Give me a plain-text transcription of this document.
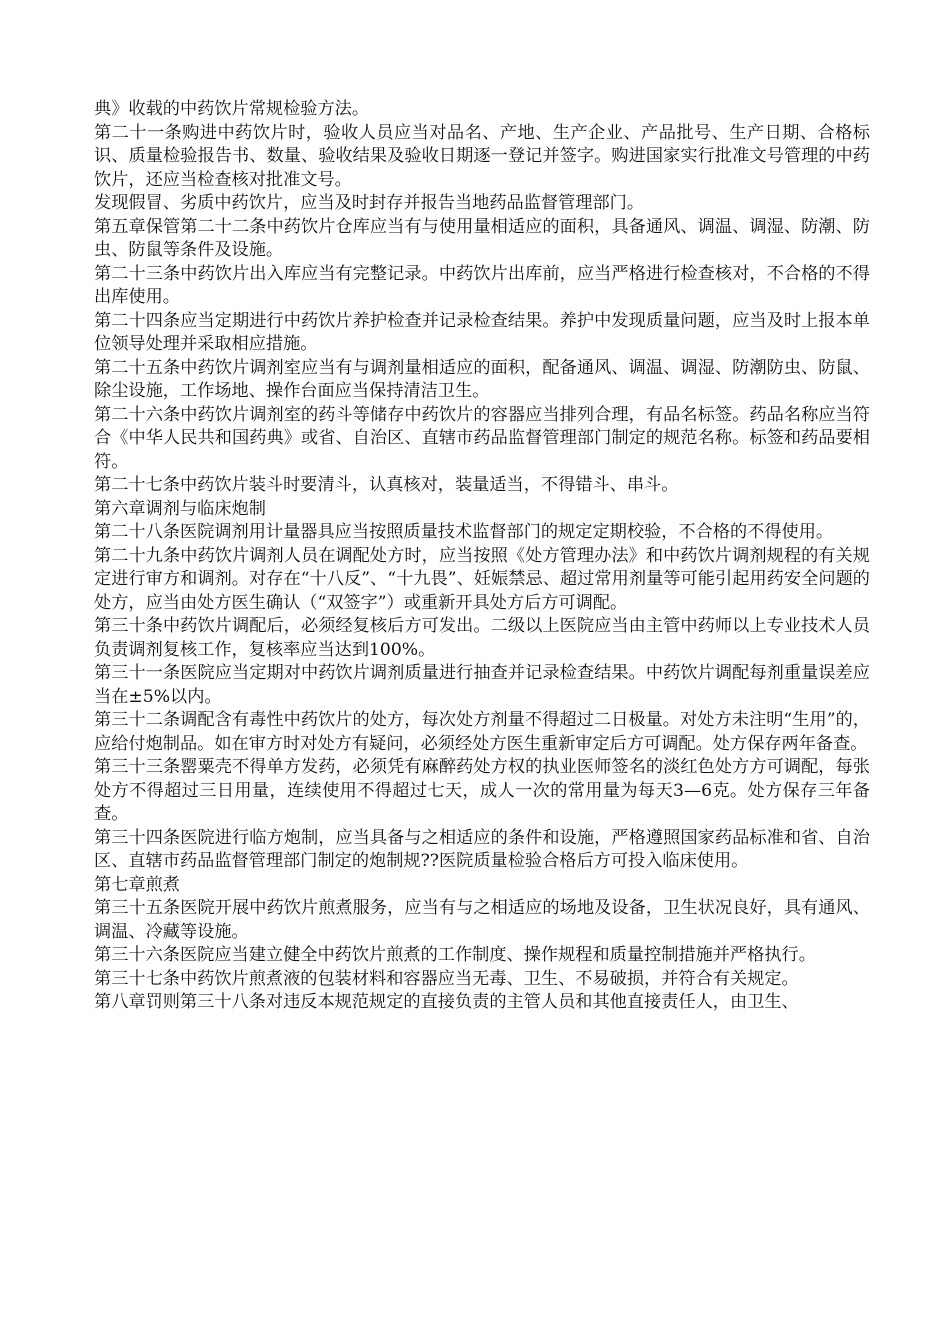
典》收载的中药饮片常规检验方法。

第二十一条购进中药饮片时，验收人员应当对品名、产地、生产企业、产品批号、生产日期、合格标识、质量检验报告书、数量、验收结果及验收日期逐一登记并签字。购进国家实行批准文号管理的中药饮片，还应当检查核对批准文号。

发现假冒、劣质中药饮片，应当及时封存并报告当地药品监督管理部门。

第五章保管第二十二条中药饮片仓库应当有与使用量相适应的面积，具备通风、调温、调湿、防潮、防虫、防鼠等条件及设施。

第二十三条中药饮片出入库应当有完整记录。中药饮片出库前，应当严格进行检查核对，不合格的不得出库使用。

第二十四条应当定期进行中药饮片养护检查并记录检查结果。养护中发现质量问题，应当及时上报本单位领导处理并采取相应措施。

第二十五条中药饮片调剂室应当有与调剂量相适应的面积，配备通风、调温、调湿、防潮防虫、防鼠、除尘设施，工作场地、操作台面应当保持清洁卫生。

第二十六条中药饮片调剂室的药斗等储存中药饮片的容器应当排列合理，有品名标签。药品名称应当符合《中华人民共和国药典》或省、自治区、直辖市药品监督管理部门制定的规范名称。标签和药品要相符。

第二十七条中药饮片装斗时要清斗，认真核对，装量适当，不得错斗、串斗。

第六章调剂与临床炮制

第二十八条医院调剂用计量器具应当按照质量技术监督部门的规定定期校验，不合格的不得使用。

第二十九条中药饮片调剂人员在调配处方时，应当按照《处方管理办法》和中药饮片调剂规程的有关规定进行审方和调剂。对存在“十八反”、“十九畏”、妊娠禁忌、超过常用剂量等可能引起用药安全问题的处方，应当由处方医生确认（“双签字”）或重新开具处方后方可调配。

第三十条中药饮片调配后，必须经复核后方可发出。二级以上医院应当由主管中药师以上专业技术人员负责调剂复核工作，复核率应当达到100%。

第三十一条医院应当定期对中药饮片调剂质量进行抽查并记录检查结果。中药饮片调配每剂重量误差应当在±5%以内。

第三十二条调配含有毒性中药饮片的处方，每次处方剂量不得超过二日极量。对处方未注明“生用”的，应给付炮制品。如在审方时对处方有疑问，必须经处方医生重新审定后方可调配。处方保存两年备查。

第三十三条罂粟壳不得单方发药，必须凭有麻醉药处方权的执业医师签名的淡红色处方方可调配，每张处方不得超过三日用量，连续使用不得超过七天，成人一次的常用量为每天3—6克。处方保存三年备查。

第三十四条医院进行临方炮制，应当具备与之相适应的条件和设施，严格遵照国家药品标准和省、自治区、直辖市药品监督管理部门制定的炮制规??医院质量检验合格后方可投入临床使用。

第七章煎煮

第三十五条医院开展中药饮片煎煮服务，应当有与之相适应的场地及设备，卫生状况良好，具有通风、调温、冷藏等设施。

第三十六条医院应当建立健全中药饮片煎煮的工作制度、操作规程和质量控制措施并严格执行。

第三十七条中药饮片煎煮液的包装材料和容器应当无毒、卫生、不易破损，并符合有关规定。

第八章罚则第三十八条对违反本规范规定的直接负责的主管人员和其他直接责任人，由卫生、
